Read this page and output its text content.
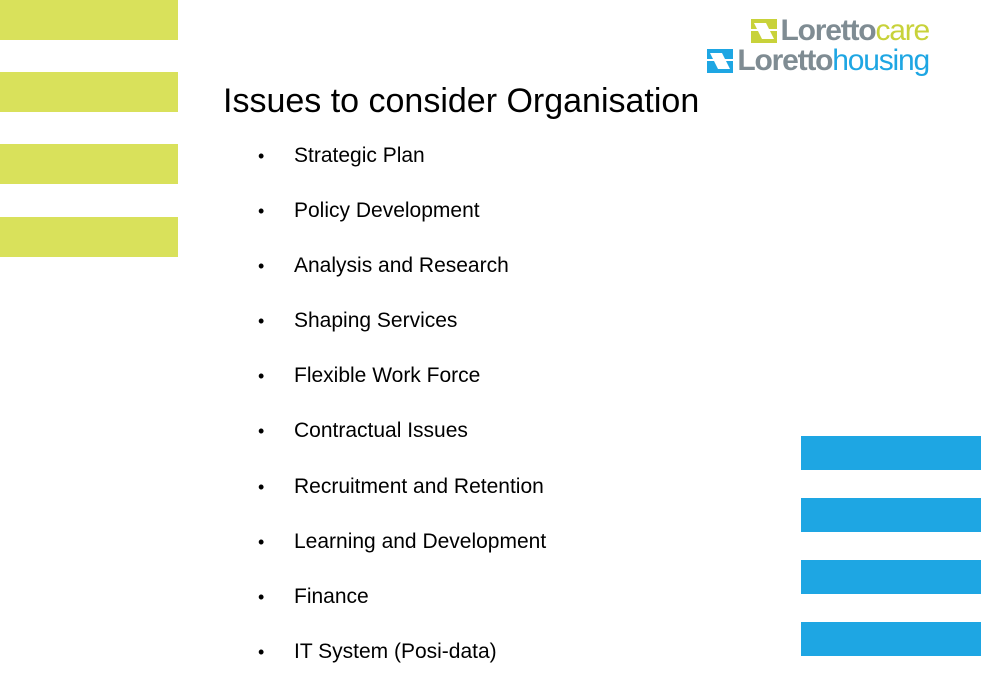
Loretto care
Loretto housing
Issues to consider Organisation
• Strategic Plan
• Policy Development
• Analysis and Research
• Shaping Services
• Flexible Work Force
• Contractual Issues
• Recruitment and Retention
• Learning and Development
• Finance
• IT System (Posi-data)
